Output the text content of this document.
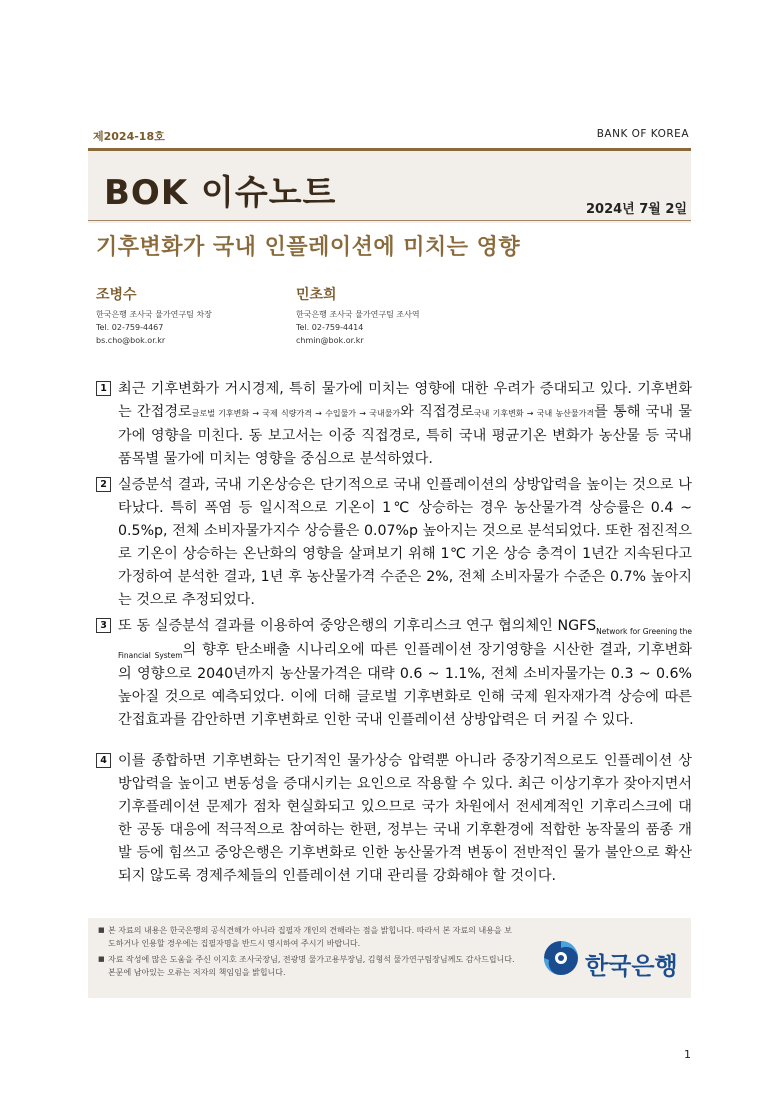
제2024-18호	BANK OF KOREA
BOK 이슈노트	2024년 7월 2일
기후변화가 국내 인플레이션에 미치는 영향
조병수
한국은행 조사국 물가연구팀 차장
Tel. 02-759-4467
bs.cho@bok.or.kr
민초희
한국은행 조사국 물가연구팀 조사역
Tel. 02-759-4414
chmin@bok.or.kr
1 최근 기후변화가 거시경제, 특히 물가에 미치는 영향에 대한 우려가 증대되고 있다. 기후변화는 간접경로글로벌 기후변화 → 국제 식량가격 → 수입물가 → 국내물가와 직접경로국내 기후변화 → 국내 농산물가격를 통해 국내 물가에 영향을 미친다. 동 보고서는 이중 직접경로, 특히 국내 평균기온 변화가 농산물 등 국내 품목별 물가에 미치는 영향을 중심으로 분석하였다.
2 실증분석 결과, 국내 기온상승은 단기적으로 국내 인플레이션의 상방압력을 높이는 것으로 나타났다. 특히 폭염 등 일시적으로 기온이 1℃ 상승하는 경우 농산물가격 상승률은 0.4 ~ 0.5%p, 전체 소비자물가지수 상승률은 0.07%p 높아지는 것으로 분석되었다. 또한 점진적으로 기온이 상승하는 온난화의 영향을 살펴보기 위해 1℃ 기온 상승 충격이 1년간 지속된다고 가정하여 분석한 결과, 1년 후 농산물가격 수준은 2%, 전체 소비자물가 수준은 0.7% 높아지는 것으로 추정되었다.
3 또 동 실증분석 결과를 이용하여 중앙은행의 기후리스크 연구 협의체인 $NGFS_{Network for Greening the Financial System}$의 향후 탄소배출 시나리오에 따른 인플레이션 장기영향을 시산한 결과, 기후변화의 영향으로 2040년까지 농산물가격은 대략 0.6 ~ 1.1%, 전체 소비자물가는 0.3 ~ 0.6% 높아질 것으로 예측되었다. 이에 더해 글로벌 기후변화로 인해 국제 원자재가격 상승에 따른 간접효과를 감안하면 기후변화로 인한 국내 인플레이션 상방압력은 더 커질 수 있다.
4 이를 종합하면 기후변화는 단기적인 물가상승 압력뿐 아니라 중장기적으로도 인플레이션 상방압력을 높이고 변동성을 증대시키는 요인으로 작용할 수 있다. 최근 이상기후가 잦아지면서 기후플레이션 문제가 점차 현실화되고 있으므로 국가 차원에서 전세계적인 기후리스크에 대한 공동 대응에 적극적으로 참여하는 한편, 정부는 국내 기후환경에 적합한 농작물의 품종 개발 등에 힘쓰고 중앙은행은 기후변화로 인한 농산물가격 변동이 전반적인 물가 불안으로 확산되지 않도록 경제주체들의 인플레이션 기대 관리를 강화해야 할 것이다.
■ 본 자료의 내용은 한국은행의 공식견해가 아니라 집필자 개인의 견해라는 점을 밝힙니다. 따라서 본 자료의 내용을 보도하거나 인용할 경우에는 집필자명을 반드시 명시하여 주시기 바랍니다.
■ 자료 작성에 많은 도움을 주신 이지호 조사국장님, 전광명 물가고용부장님, 김형석 물가연구팀장님께도 감사드립니다. 본문에 남아있는 오류는 저자의 책임임을 밝힙니다.	한국은행
1
